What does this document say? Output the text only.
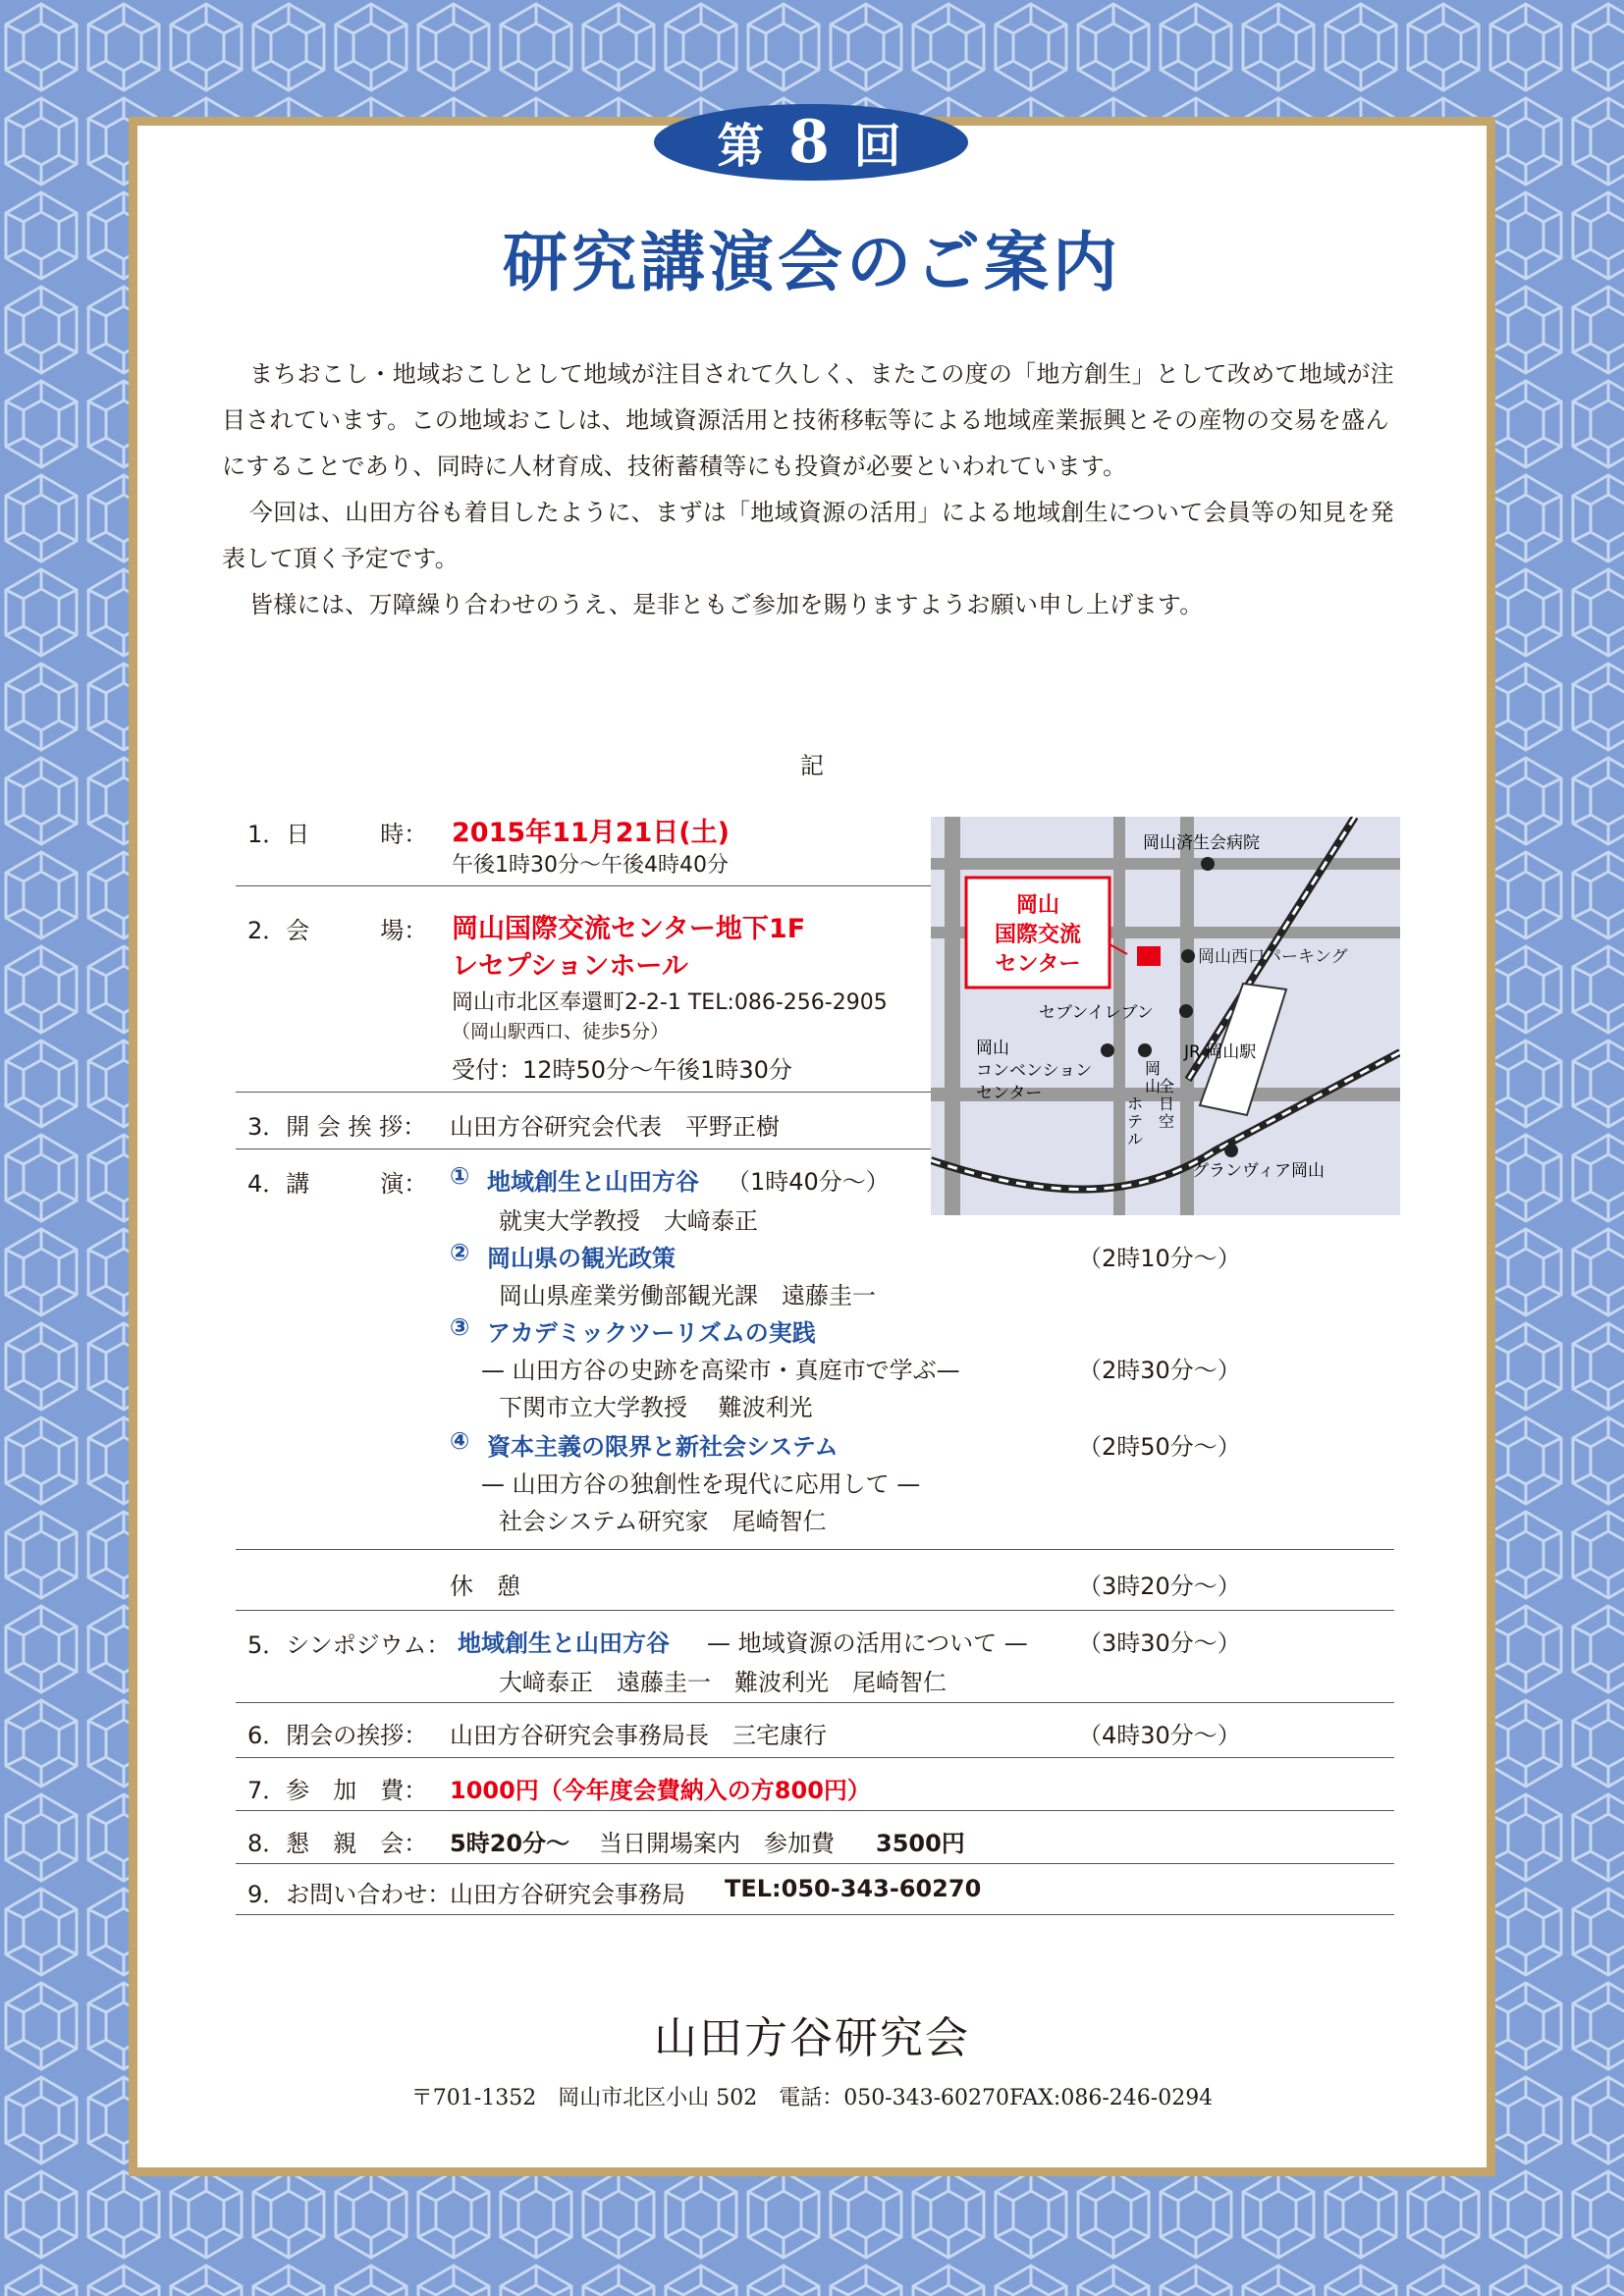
第 8 回
研究講演会のご案内

まちおこし・地域おこしとして地域が注目されて久しく、またこの度の「地方創生」として改めて地域が注目されています。この地域おこしは、地域資源活用と技術移転等による地域産業振興とその産物の交易を盛んにすることであり、同時に人材育成、技術蓄積等にも投資が必要といわれています。

今回は、山田方谷も着目したように、まずは「地域資源の活用」による地域創生について会員等の知見を発表して頂く予定です。

皆様には、万障繰り合わせのうえ、是非ともご参加を賜りますようお願い申し上げます。

記
1．日　　　時： 2015年11月21日(土)
午後1時30分〜午後4時40分
2．会　　　場： 岡山国際交流センター地下1F
レセプションホール
岡山市北区奉還町2-2-1 TEL:086-256-2905
（岡山駅西口、徒歩5分）
受付：12時50分〜午後1時30分
3．開 会 挨 拶： 山田方谷研究会代表　平野正樹
4．講　　　演： ① 地域創生と山田方谷 （1時40分〜）
就実大学教授　大﨑泰正
② 岡山県の観光政策	（2時10分〜）
岡山県産業労働部観光課　遠藤圭一
③ アカデミックツーリズムの実践
— 山田方谷の史跡を高梁市・真庭市で学ぶ—	（2時30分〜）
下関市立大学教授　 難波利光
④ 資本主義の限界と新社会システム	（2時50分〜）
— 山田方谷の独創性を現代に応用して —
社会システム研究家　尾崎智仁
休　憩	（3時20分〜）
5．シンポジウム： 地域創生と山田方谷 — 地域資源の活用について — （3時30分〜）
大﨑泰正　遠藤圭一　難波利光　尾崎智仁
6．閉会の挨拶： 山田方谷研究会事務局長　三宅康行	（4時30分〜）
7．参　加　費： 1000円（今年度会費納入の方800円）
8．懇　親　会： 5時20分〜 当日開場案内　参加費 3500円
9．お問い合わせ：
山田方谷研究会事務局 TEL:050-343-60270
岡山
国際交流
センター
岡山済生会病院
岡山西口パーキング
セブンイレブン
JR 岡山駅
岡山
コンベンション
センター
岡
山
全
日
空
ホ
テ
ル
グランヴィア岡山
山田方谷研究会
〒701-1352　岡山市北区小山 502　電話：050-343-60270FAX:086-246-0294
